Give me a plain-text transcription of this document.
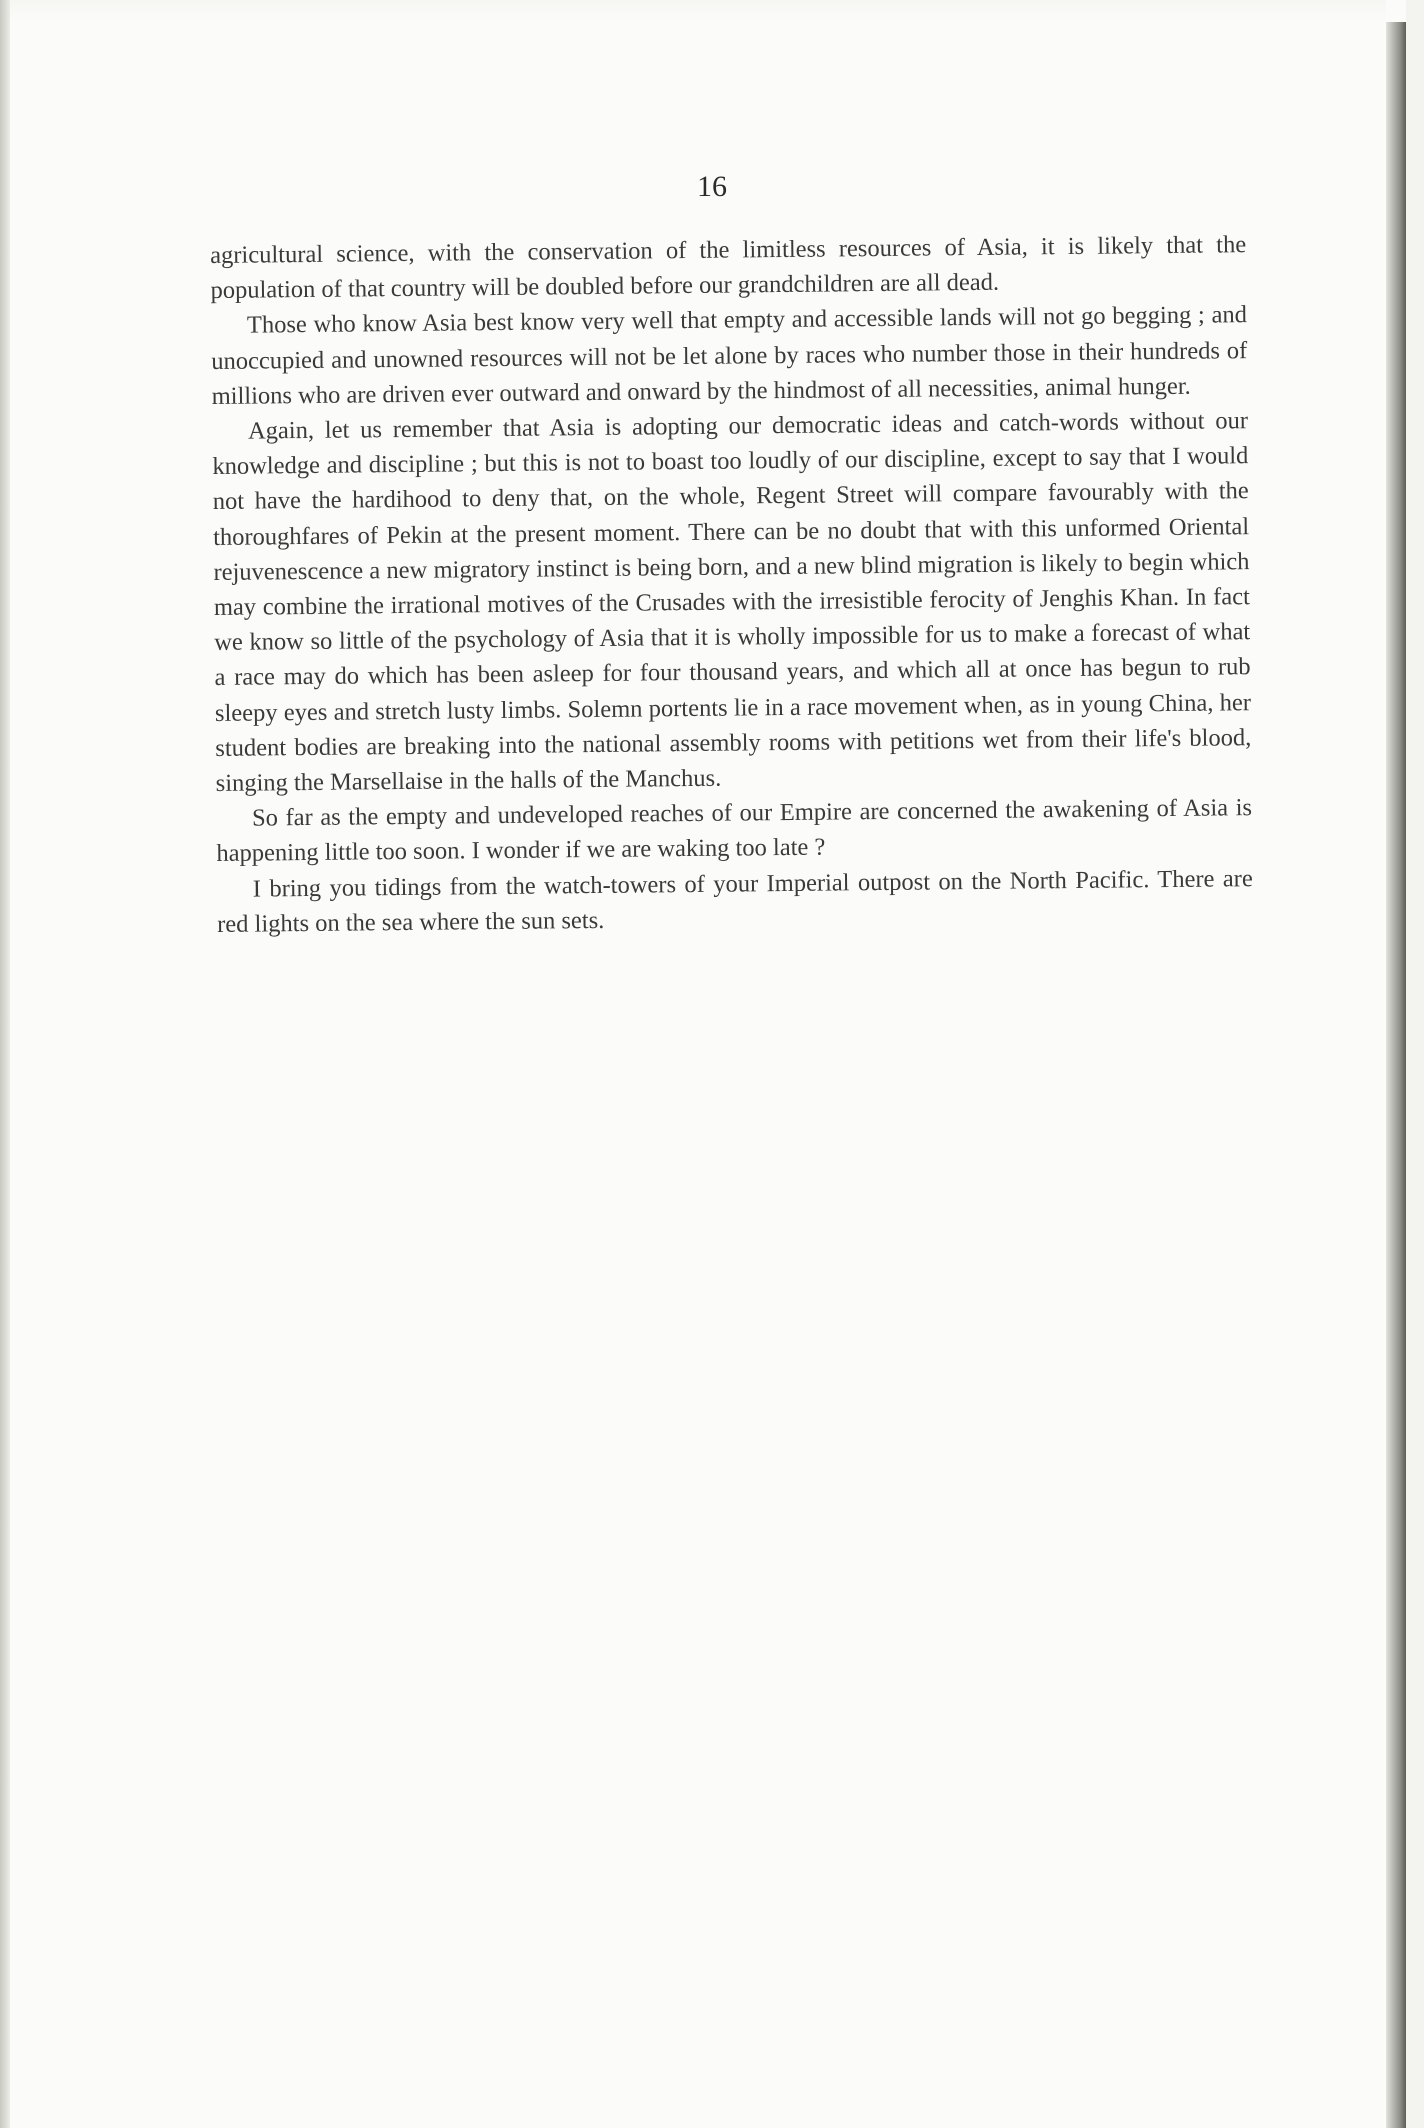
16

agricultural science, with the conservation of the limitless resources of Asia, it is likely that the population of that country will be doubled before our grandchildren are all dead.

Those who know Asia best know very well that empty and accessible lands will not go begging ; and unoccupied and unowned resources will not be let alone by races who number those in their hundreds of millions who are driven ever outward and onward by the hindmost of all necessities, animal hunger.

Again, let us remember that Asia is adopting our democratic ideas and catch-words without our knowledge and discipline ; but this is not to boast too loudly of our discipline, except to say that I would not have the hardihood to deny that, on the whole, Regent Street will compare favourably with the thoroughfares of Pekin at the present moment. There can be no doubt that with this unformed Oriental rejuvenescence a new migratory instinct is being born, and a new blind migration is likely to begin which may combine the irrational motives of the Crusades with the irresistible ferocity of Jenghis Khan. In fact we know so little of the psychology of Asia that it is wholly impossible for us to make a forecast of what a race may do which has been asleep for four thousand years, and which all at once has begun to rub sleepy eyes and stretch lusty limbs. Solemn portents lie in a race movement when, as in young China, her student bodies are breaking into the national assembly rooms with petitions wet from their life's blood, singing the Marsellaise in the halls of the Manchus.

So far as the empty and undeveloped reaches of our Empire are concerned the awakening of Asia is happening little too soon. I wonder if we are waking too late ?

I bring you tidings from the watch-towers of your Imperial outpost on the North Pacific. There are red lights on the sea where the sun sets.
